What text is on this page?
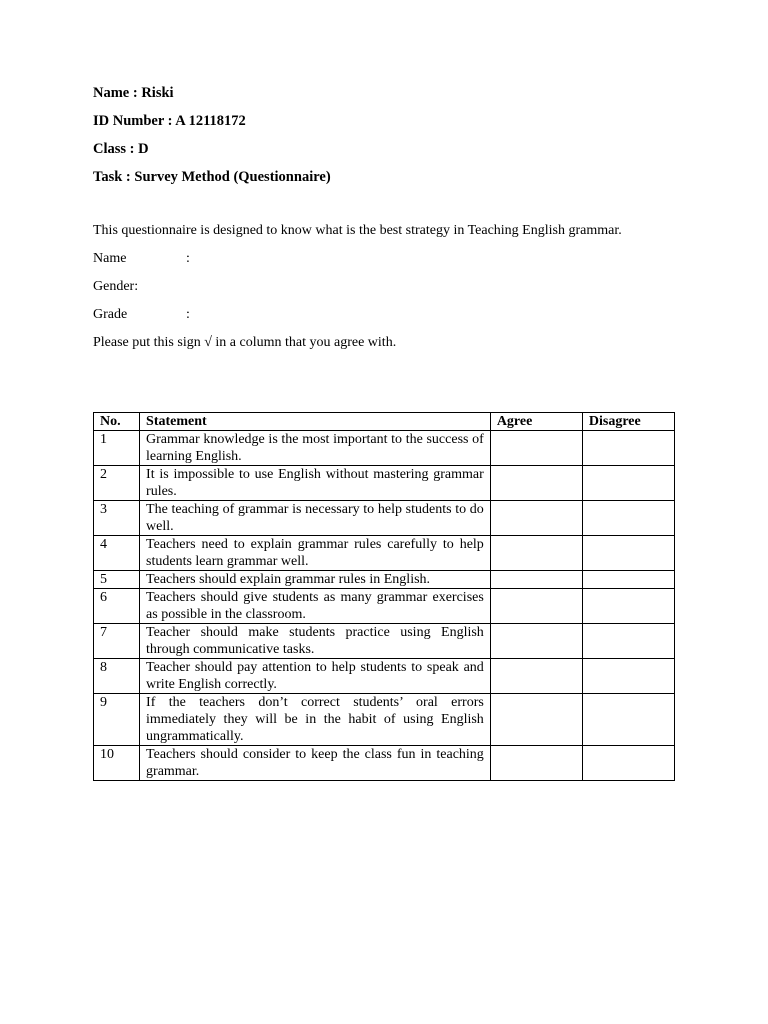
Name : Riski
ID Number : A 12118172
Class : D
Task : Survey Method (Questionnaire)
This questionnaire is designed to know what is the best strategy in Teaching English grammar.
Name	:
Gender:
Grade	:
Please put this sign √ in a column that you agree with.
No.	Statement	Agree	Disagree
1	Grammar knowledge is the most important to the success of learning English.		
2	It is impossible to use English without mastering grammar rules.		
3	The teaching of grammar is necessary to help students to do well.		
4	Teachers need to explain grammar rules carefully to help students learn grammar well.		
5	Teachers should explain grammar rules in English.		
6	Teachers should give students as many grammar exercises as possible in the classroom.		
7	Teacher should make students practice using English through communicative tasks.		
8	Teacher should pay attention to help students to speak and write English correctly.		
9	If the teachers don’t correct students’ oral errors immediately they will be in the habit of using English ungrammatically.		
10	Teachers should consider to keep the class fun in teaching grammar.		
